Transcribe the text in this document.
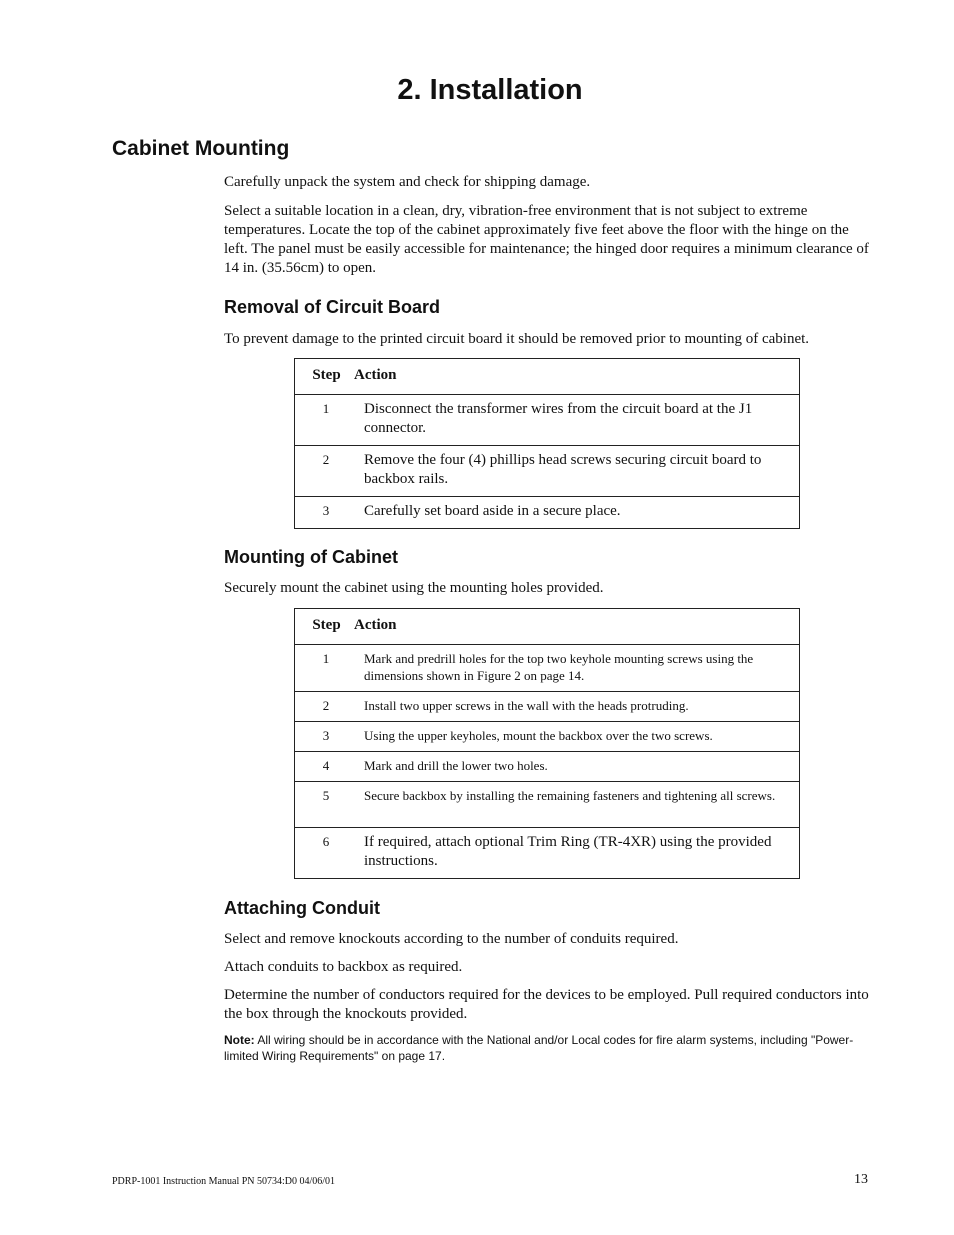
2. Installation
Cabinet Mounting

Carefully unpack the system and check for shipping damage.

Select a suitable location in a clean, dry, vibration-free environment that is not subject to extreme temperatures. Locate the top of the cabinet approximately five feet above the floor with the hinge on the left. The panel must be easily accessible for maintenance; the hinged door requires a minimum clearance of 14 in. (35.56cm) to open.

Removal of Circuit Board

To prevent damage to the printed circuit board it should be removed prior to mounting of cabinet.

Step	Action
1	Disconnect the transformer wires from the circuit board at the J1 connector.
2	Remove the four (4) phillips head screws securing circuit board to backbox rails.
3	Carefully set board aside in a secure place.
Mounting of Cabinet

Securely mount the cabinet using the mounting holes provided.

Step	Action
1	Mark and predrill holes for the top two keyhole mounting screws using the dimensions shown in Figure 2 on page 14.
2	Install two upper screws in the wall with the heads protruding.
3	Using the upper keyholes, mount the backbox over the two screws.
4	Mark and drill the lower two holes.
5	Secure backbox by installing the remaining fasteners and tightening all screws.
6	If required, attach optional Trim Ring (TR-4XR) using the provided instructions.
Attaching Conduit

Select and remove knockouts according to the number of conduits required.

Attach conduits to backbox as required.

Determine the number of conductors required for the devices to be employed. Pull required conductors into the box through the knockouts provided.

Note: All wiring should be in accordance with the National and/or Local codes for fire alarm systems, including "Power-limited Wiring Requirements" on page 17.
PDRP-1001 Instruction Manual PN 50734:D0 04/06/01	13
